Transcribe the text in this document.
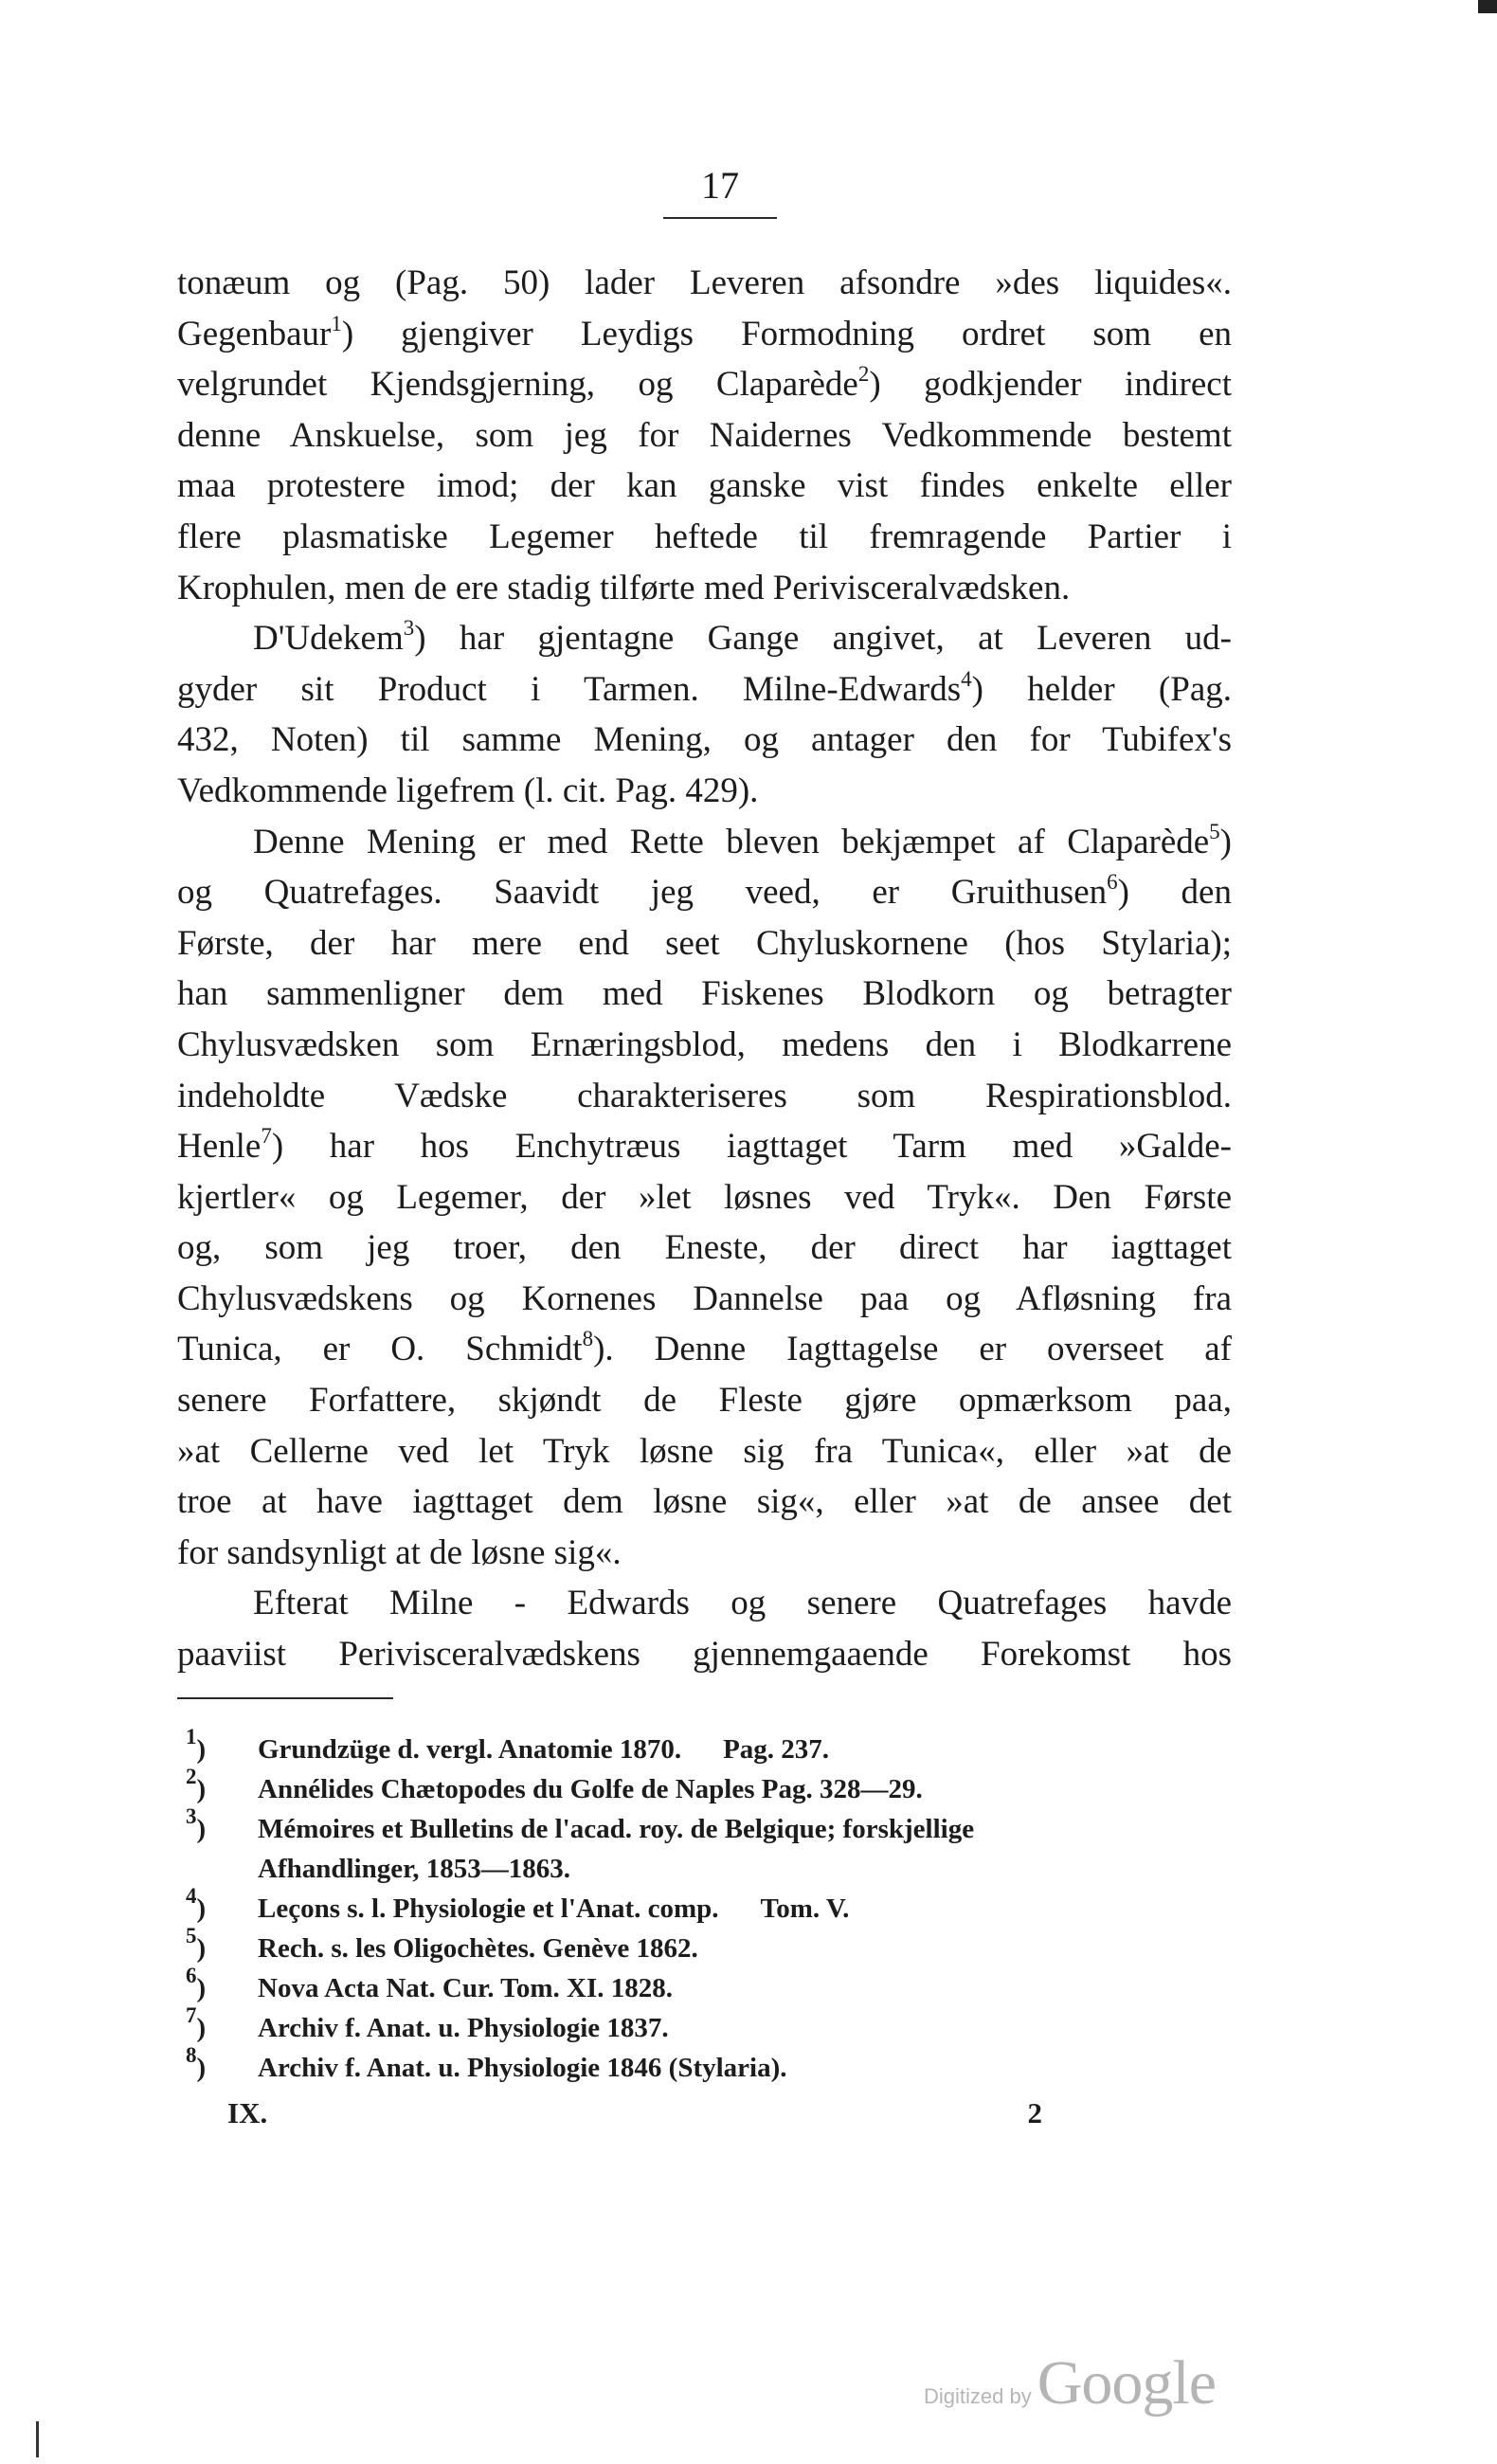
17
tonæum og (Pag. 50) lader Leveren afsondre »des liquides«.
Gegenbaur$^1$) gjengiver Leydigs Formodning ordret som en
velgrundet Kjendsgjerning, og Claparède$^2$) godkjender indirect
denne Anskuelse, som jeg for Naidernes Vedkommende bestemt
maa protestere imod; der kan ganske vist findes enkelte eller
flere plasmatiske Legemer heftede til fremragende Partier i
Krophulen, men de ere stadig tilførte med Perivisceralvædsken.
D'Udekem$^3$) har gjentagne Gange angivet, at Leveren ud-
gyder sit Product i Tarmen. Milne-Edwards$^4$) helder (Pag.
432, Noten) til samme Mening, og antager den for Tubifex's
Vedkommende ligefrem (l. cit. Pag. 429).
Denne Mening er med Rette bleven bekjæmpet af Claparède$^5$)
og Quatrefages. Saavidt jeg veed, er Gruithusen$^6$) den
Første, der har mere end seet Chyluskornene (hos Stylaria);
han sammenligner dem med Fiskenes Blodkorn og betragter
Chylusvædsken som Ernæringsblod, medens den i Blodkarrene
indeholdte Vædske charakteriseres som Respirationsblod.
Henle$^7$) har hos Enchytræus iagttaget Tarm med »Galde-
kjertler« og Legemer, der »let løsnes ved Tryk«. Den Første
og, som jeg troer, den Eneste, der direct har iagttaget
Chylusvædskens og Kornenes Dannelse paa og Afløsning fra
Tunica, er O. Schmidt$^8$). Denne Iagttagelse er overseet af
senere Forfattere, skjøndt de Fleste gjøre opmærksom paa,
»at Cellerne ved let Tryk løsne sig fra Tunica«, eller »at de
troe at have iagttaget dem løsne sig«, eller »at de ansee det
for sandsynligt at de løsne sig«.
Efterat Milne - Edwards og senere Quatrefages havde
paaviist Perivisceralvædskens gjennemgaaende Forekomst hos
$^1$) Grundzüge d. vergl. Anatomie 1870. Pag. 237.
$^2$) Annélides Chætopodes du Golfe de Naples Pag. 328—29.
$^3$) Mémoires et Bulletins de l'acad. roy. de Belgique; forskjellige
Afhandlinger, 1853—1863.
$^4$) Leçons s. l. Physiologie et l'Anat. comp. Tom. V.
$^5$) Rech. s. les Oligochètes. Genève 1862.
$^6$) Nova Acta Nat. Cur. Tom. XI. 1828.
$^7$) Archiv f. Anat. u. Physiologie 1837.
$^8$) Archiv f. Anat. u. Physiologie 1846 (Stylaria).
IX.	2
Digitized by Google
